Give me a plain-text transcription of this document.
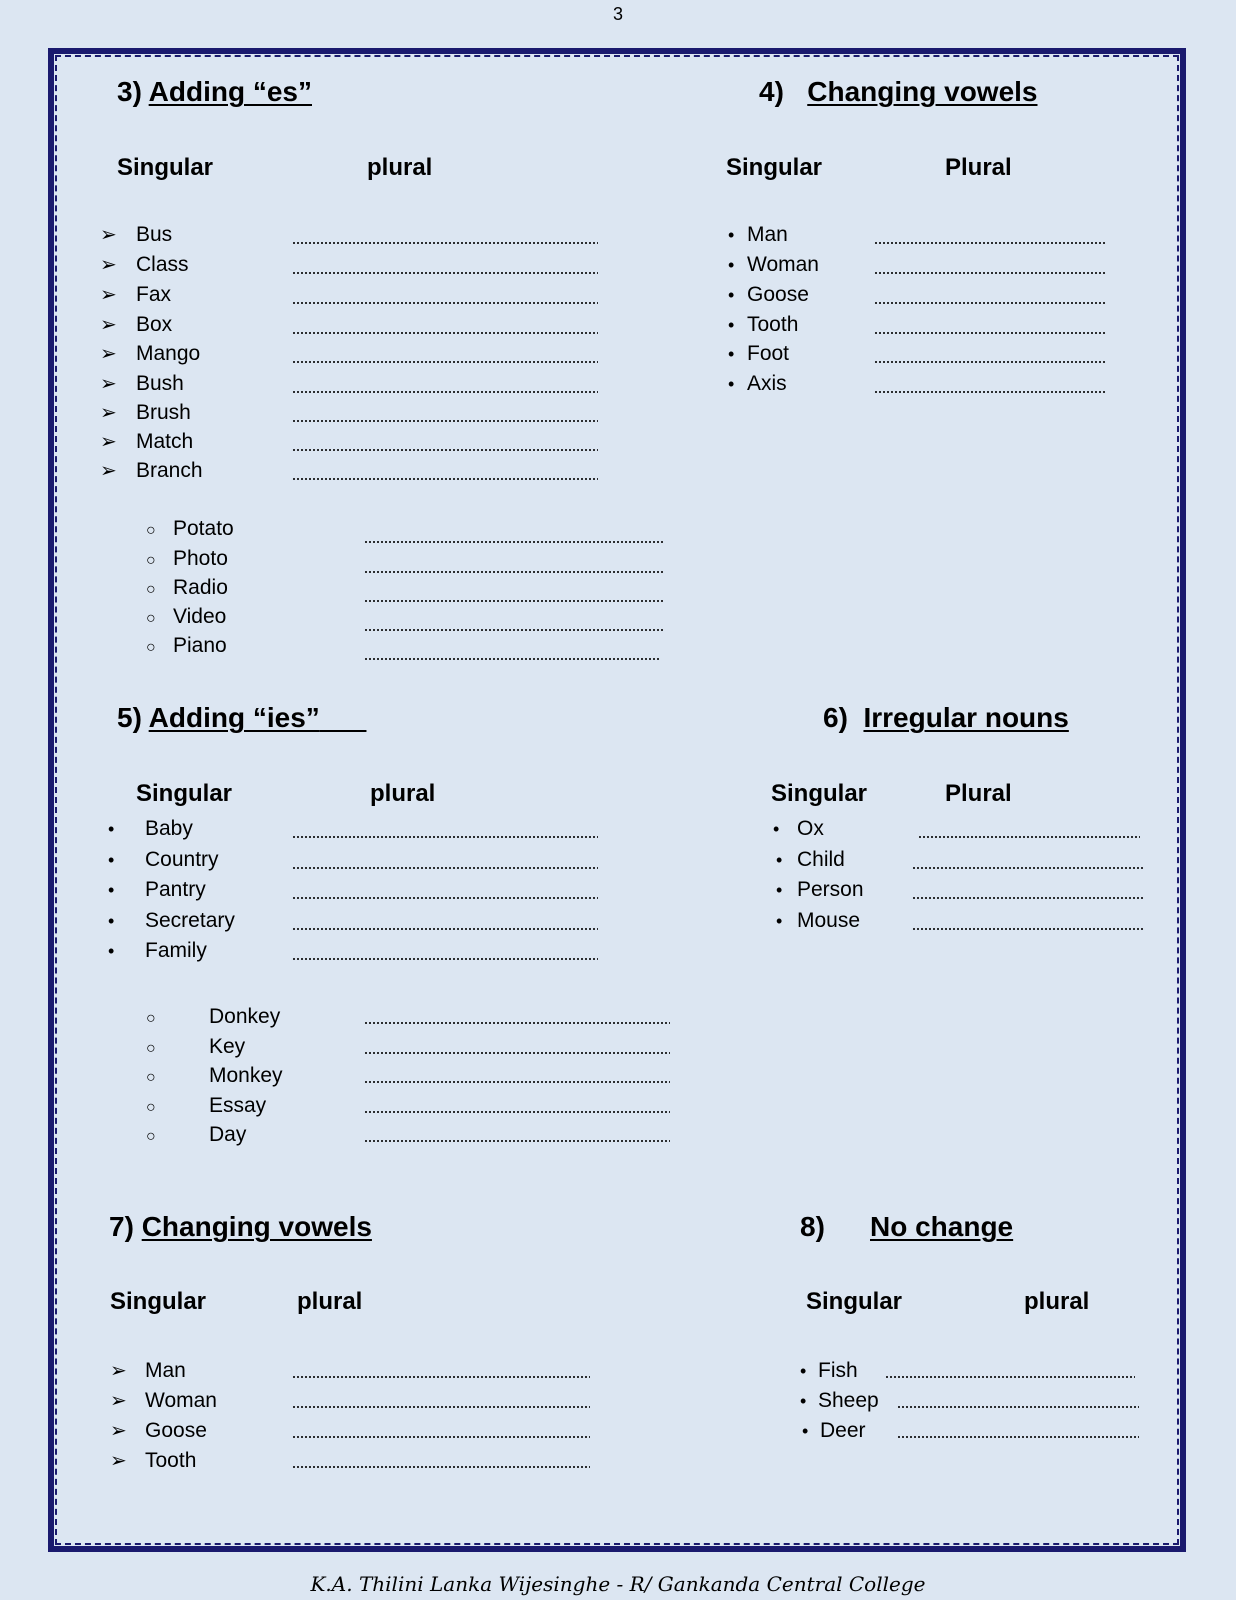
3
3) Adding “es”
Singular	plural
➢ Bus
➢ Class
➢ Fax
➢ Box
➢ Mango
➢ Bush
➢ Brush
➢ Match
➢ Branch
○ Potato
○ Photo
○ Radio
○ Video
○ Piano
4) Changing vowels
Singular	Plural
• Man
• Woman
• Goose
• Tooth
• Foot
• Axis
5) Adding “ies”
Singular	plural
• Baby
• Country
• Pantry
• Secretary
• Family
○	Donkey
○	Key
○	Monkey
○	Essay
○	Day
6) Irregular nouns
Singular	Plural
• Ox
• Child
• Person
• Mouse
7) Changing vowels
Singular	plural
➢ Man
➢ Woman
➢ Goose
➢ Tooth
8) No change
Singular	plural
• Fish
• Sheep
• Deer
K.A. Thilini Lanka Wijesinghe - R/ Gankanda Central College
